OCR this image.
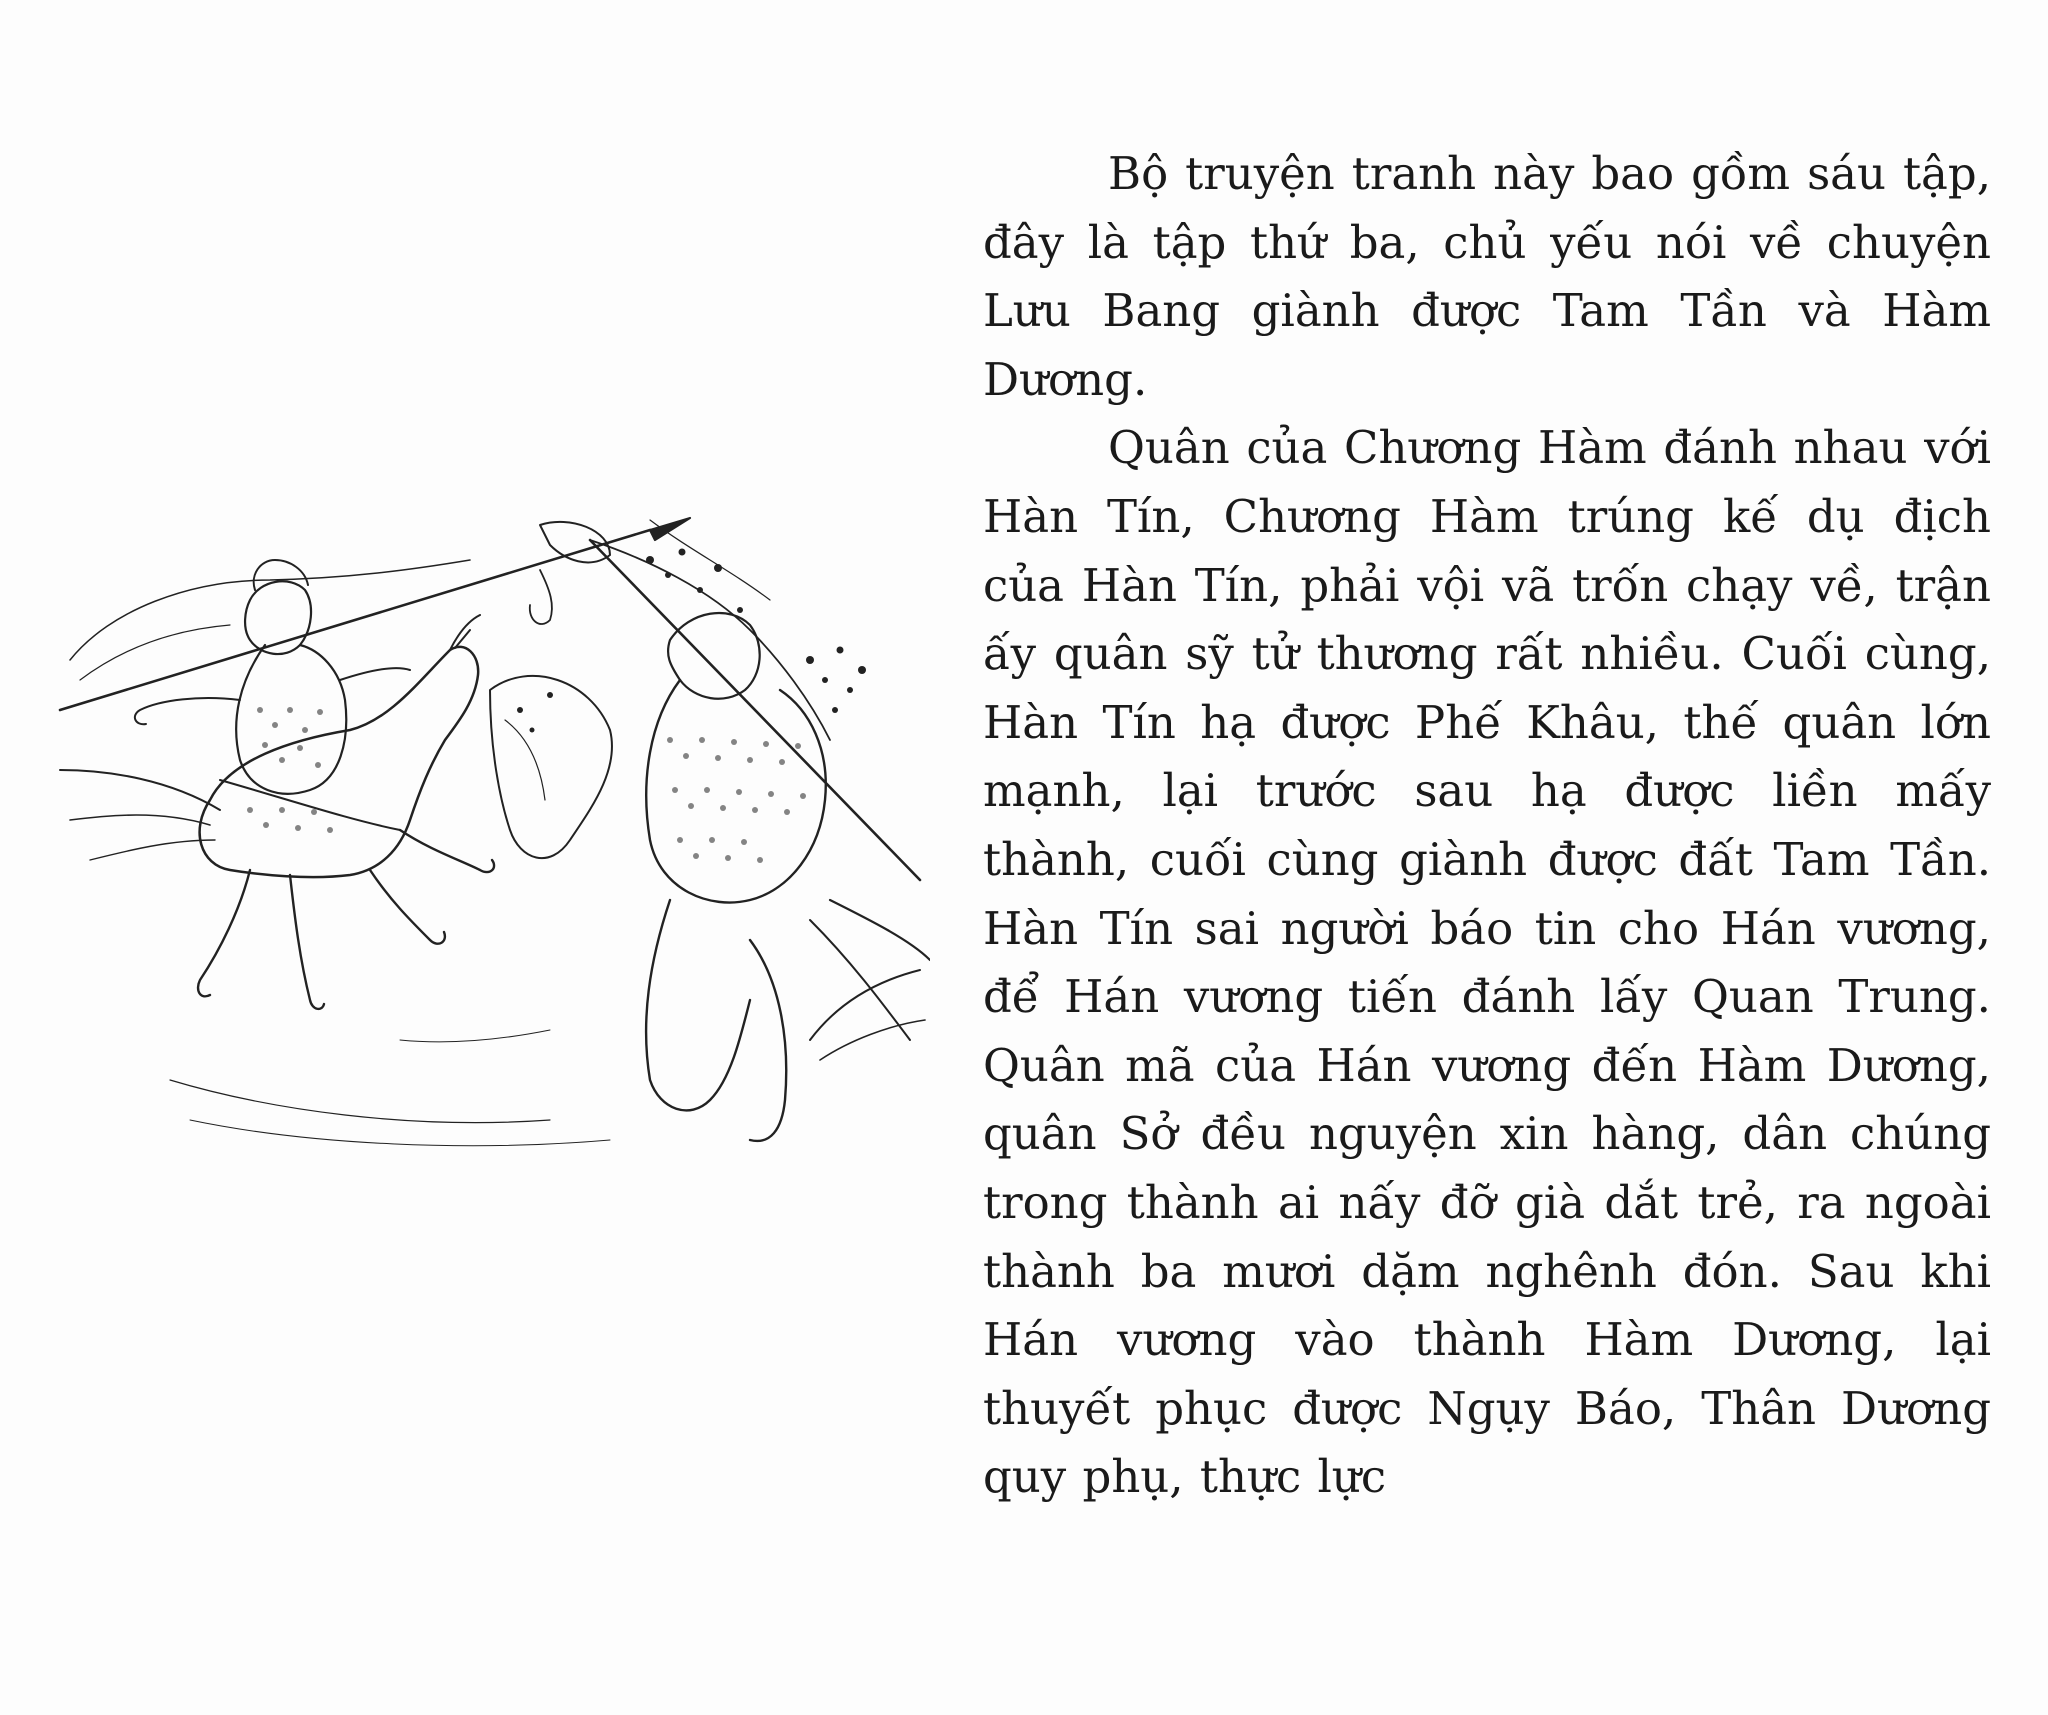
Bộ truyện tranh này bao gồm sáu tập, đây là tập thứ ba, chủ yếu nói về chuyện Lưu Bang giành được Tam Tần và Hàm Dương.

Quân của Chương Hàm đánh nhau với Hàn Tín, Chương Hàm trúng kế dụ địch của Hàn Tín, phải vội vã trốn chạy về, trận ấy quân sỹ tử thương rất nhiều. Cuối cùng, Hàn Tín hạ được Phế Khâu, thế quân lớn mạnh, lại trước sau hạ được liền mấy thành, cuối cùng giành được đất Tam Tần. Hàn Tín sai người báo tin cho Hán vương, để Hán vương tiến đánh lấy Quan Trung. Quân mã của Hán vương đến Hàm Dương, quân Sở đều nguyện xin hàng, dân chúng trong thành ai nấy đỡ già dắt trẻ, ra ngoài thành ba mươi dặm nghênh đón. Sau khi Hán vương vào thành Hàm Dương, lại thuyết phục được Ngụy Báo, Thân Dương quy phụ, thực lực
